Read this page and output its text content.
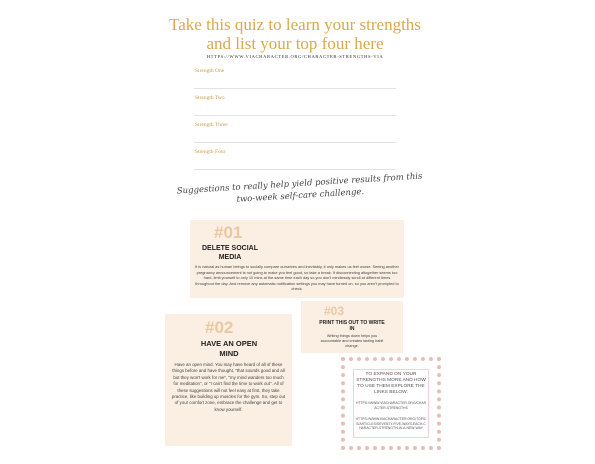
Take this quiz to learn your strengths
and list your top four here
HTTPS://WWW.VIACHARACTER.ORG/CHARACTER-STRENGTHS-VIA
Strength One
Strength Two
Strength Three
Strength Four
Suggestions to really help yield positive results from this two-week self-care challenge.
#01
DELETE SOCIAL MEDIA
It is natural as human beings to socially compare ourselves and inevitably, it only makes us feel worse. Seeing another pregnancy announcement is not going to make you feel good, so take a break. If disconnecting altogether seems too hard, limit yourself to only 10 mins at the same time each day so you don't mindlessly scroll at different times throughout the day. And remove any automatic notification settings you may have turned on, so you aren't prompted to check.
#02
HAVE AN OPEN MIND
Have an open mind. You may have heard of all of these things before and have thought, "that sounds good and all but they won't work for me", "my mind wanders too much for meditation", or "I can't find the time to work out". All of these suggestions will not feel easy at first, they take practice, like building up muscles for the gym. So, step out of your comfort zone, embrace the challenge and get to know yourself.
#03
PRINT THIS OUT TO WRITE IN
Writing things down helps you accountable and creates lasting habit change.
TO EXPAND ON YOUR STRENGTHS MORE AND HOW TO USE THEM EXPLORE THE LINKS BELOW:
HTTPS://WWW.VIACHARACTER.ORG/CHARACTER-STRENGTHS
HTTPS://WWW.VIACHARACTER.ORG/TOPICS/ARTICLES/SEVENTY-FIVE-WAYS-EACH-CHARACTER-STRENGTH-IN-A-NEW-WAY
